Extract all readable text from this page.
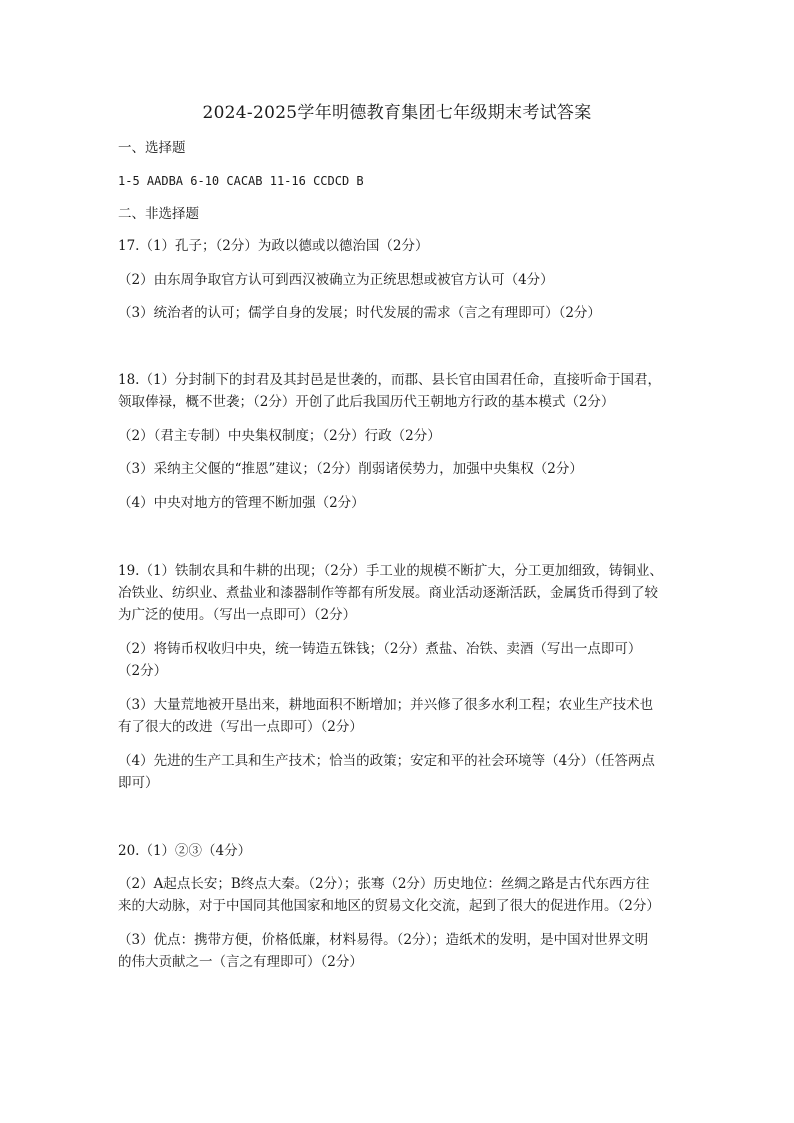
2024-2025学年明德教育集团七年级期末考试答案
一、选择题
1-5 AADBA 6-10 CACAB 11-16 CCDCD B
二、非选择题
17.（1）孔子；（2分）为政以德或以德治国（2分）
（2）由东周争取官方认可到西汉被确立为正统思想或被官方认可（4分）
（3）统治者的认可；儒学自身的发展；时代发展的需求（言之有理即可）（2分）
18.（1）分封制下的封君及其封邑是世袭的，而郡、县长官由国君任命，直接听命于国君，
领取俸禄，概不世袭；（2分）开创了此后我国历代王朝地方行政的基本模式（2分）
（2）（君主专制）中央集权制度；（2分）行政（2分）
（3）采纳主父偃的“推恩”建议；（2分）削弱诸侯势力，加强中央集权（2分）
（4）中央对地方的管理不断加强（2分）
19.（1）铁制农具和牛耕的出现；（2分）手工业的规模不断扩大，分工更加细致，铸铜业、
冶铁业、纺织业、煮盐业和漆器制作等都有所发展。商业活动逐渐活跃，金属货币得到了较
为广泛的使用。（写出一点即可）（2分）
（2）将铸币权收归中央，统一铸造五铢钱；（2分）煮盐、冶铁、卖酒（写出一点即可）
（2分）
（3）大量荒地被开垦出来，耕地面积不断增加；并兴修了很多水利工程；农业生产技术也
有了很大的改进（写出一点即可）（2分）
（4）先进的生产工具和生产技术；恰当的政策；安定和平的社会环境等（4分）（任答两点
即可）
20.（1）②③（4分）
（2）A起点长安；B终点大秦。（2分）；张骞（2分）历史地位：丝绸之路是古代东西方往
来的大动脉，对于中国同其他国家和地区的贸易文化交流，起到了很大的促进作用。（2分）
（3）优点：携带方便，价格低廉，材料易得。（2分）；造纸术的发明，是中国对世界文明
的伟大贡献之一（言之有理即可）（2分）
